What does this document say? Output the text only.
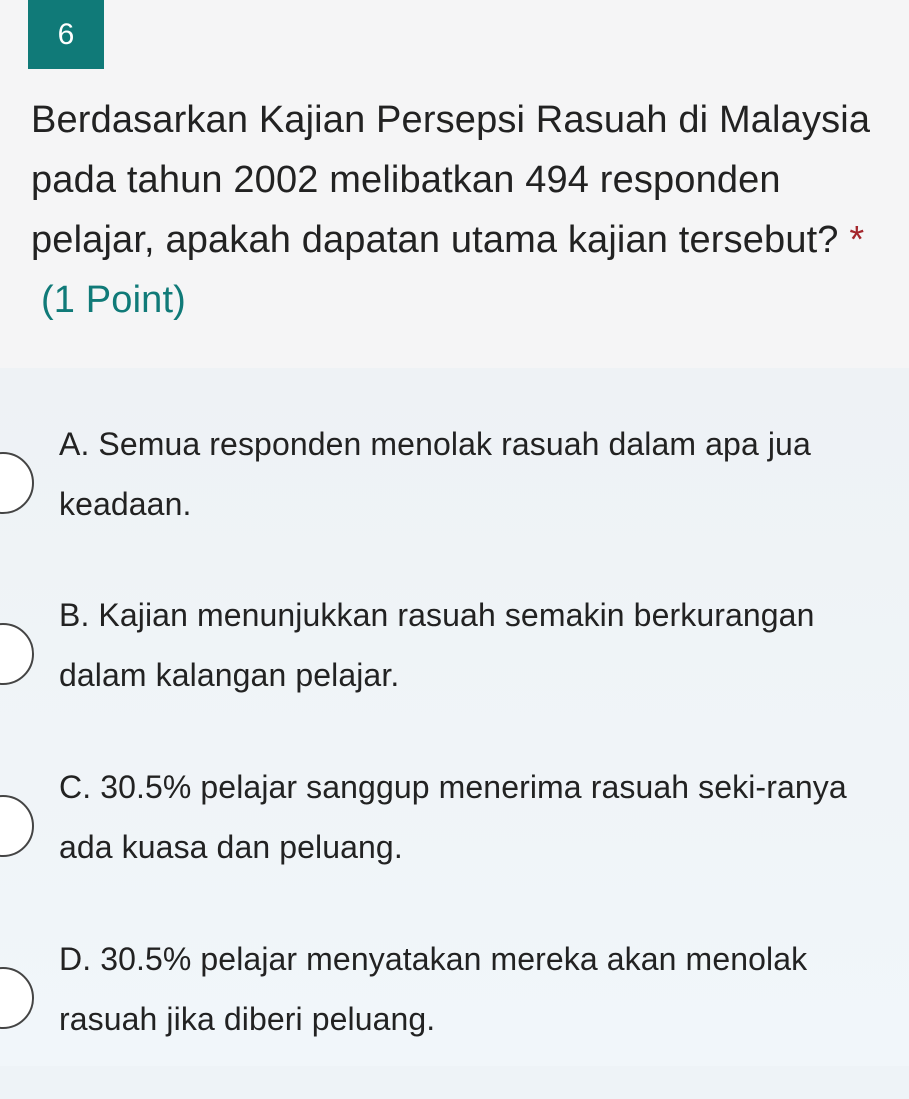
6
Berdasarkan Kajian Persepsi Rasuah di Malaysia pada tahun 2002 melibatkan 494 responden pelajar, apakah dapatan utama kajian tersebut? * (1 Point)
A. Semua responden menolak rasuah dalam apa jua keadaan.
B. Kajian menunjukkan rasuah semakin berkurangan dalam kalangan pelajar.
C. 30.5% pelajar sanggup menerima rasuah seki-ranya ada kuasa dan peluang.
D. 30.5% pelajar menyatakan mereka akan menolak rasuah jika diberi peluang.
